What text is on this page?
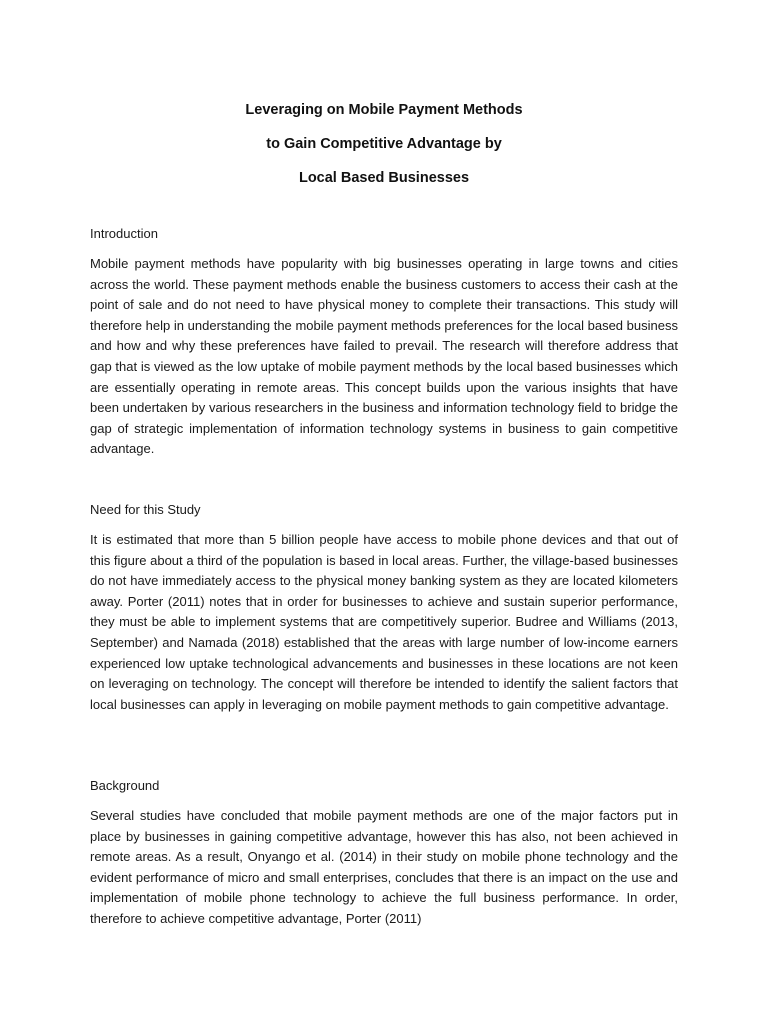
Leveraging on Mobile Payment Methods
to Gain Competitive Advantage by
Local Based Businesses

Introduction

Mobile payment methods have popularity with big businesses operating in large towns and cities across the world. These payment methods enable the business customers to access their cash at the point of sale and do not need to have physical money to complete their transactions. This study will therefore help in understanding the mobile payment methods preferences for the local based business and how and why these preferences have failed to prevail. The research will therefore address that gap that is viewed as the low uptake of mobile payment methods by the local based businesses which are essentially operating in remote areas. This concept builds upon the various insights that have been undertaken by various researchers in the business and information technology field to bridge the gap of strategic implementation of information technology systems in business to gain competitive advantage.

Need for this Study

It is estimated that more than 5 billion people have access to mobile phone devices and that out of this figure about a third of the population is based in local areas. Further, the village-based businesses do not have immediately access to the physical money banking system as they are located kilometers away. Porter (2011) notes that in order for businesses to achieve and sustain superior performance, they must be able to implement systems that are competitively superior. Budree and Williams (2013, September) and Namada (2018) established that the areas with large number of low-income earners experienced low uptake technological advancements and businesses in these locations are not keen on leveraging on technology. The concept will therefore be intended to identify the salient factors that local businesses can apply in leveraging on mobile payment methods to gain competitive advantage.

Background

Several studies have concluded that mobile payment methods are one of the major factors put in place by businesses in gaining competitive advantage, however this has also, not been achieved in remote areas. As a result, Onyango et al. (2014) in their study on mobile phone technology and the evident performance of micro and small enterprises, concludes that there is an impact on the use and implementation of mobile phone technology to achieve the full business performance. In order, therefore to achieve competitive advantage, Porter (2011)
